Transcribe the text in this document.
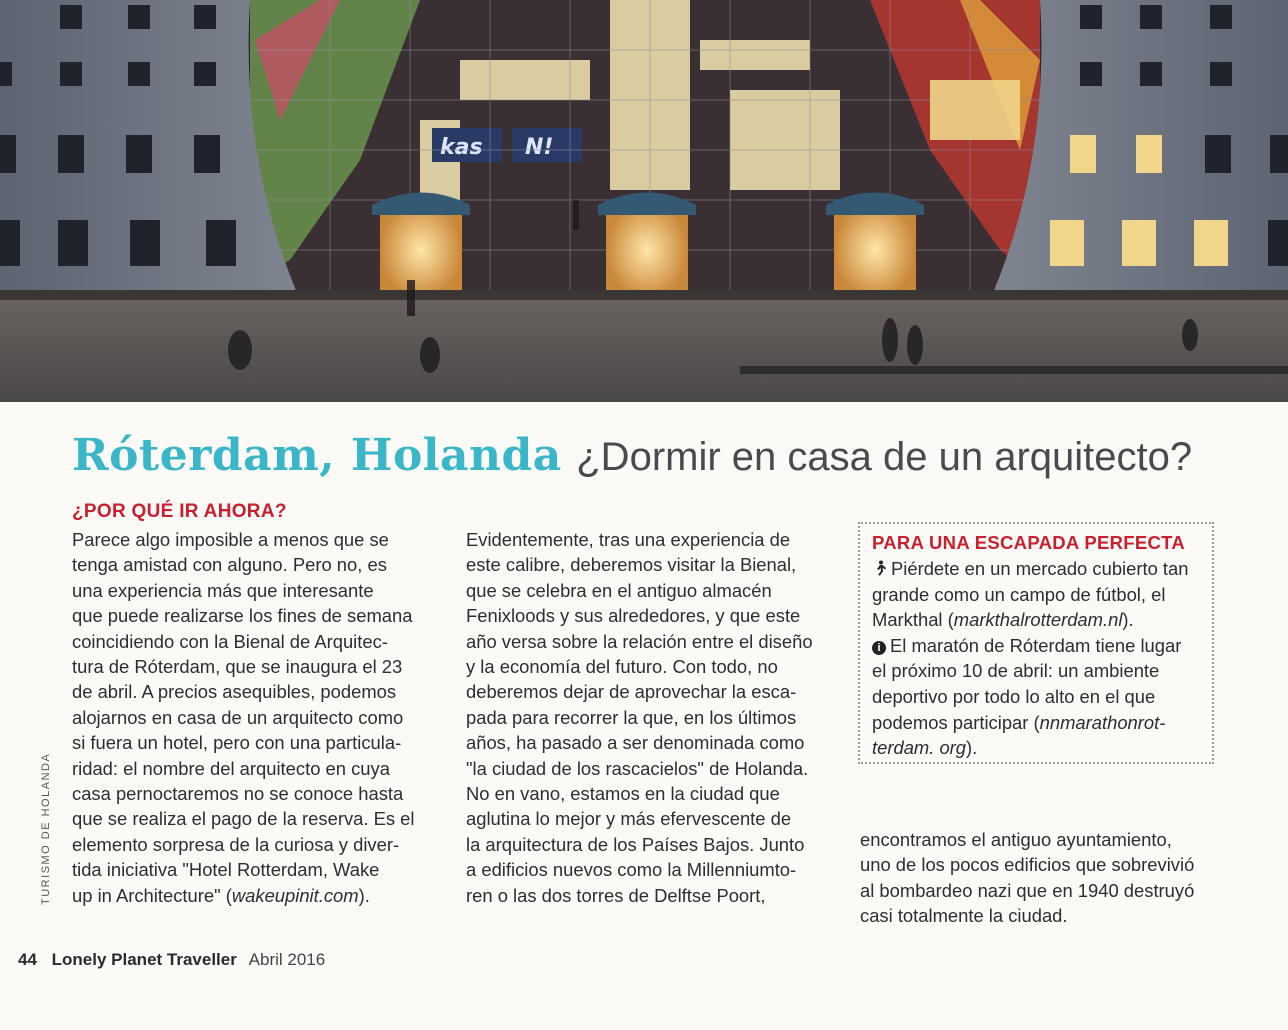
kas N!
Róterdam, Holanda ¿Dormir en casa de un arquitecto?
¿POR QUÉ IR AHORA?
Parece algo imposible a menos que se
tenga amistad con alguno. Pero no, es
una experiencia más que interesante
que puede realizarse los fines de semana
coincidiendo con la Bienal de Arquitec-
tura de Róterdam, que se inaugura el 23
de abril. A precios asequibles, podemos
alojarnos en casa de un arquitecto como
si fuera un hotel, pero con una particula-
ridad: el nombre del arquitecto en cuya
casa pernoctaremos no se conoce hasta
que se realiza el pago de la reserva. Es el
elemento sorpresa de la curiosa y diver-
tida iniciativa "Hotel Rotterdam, Wake
up in Architecture" (wakeupinit.com).
TURISMO DE HOLANDA
Evidentemente, tras una experiencia de
este calibre, deberemos visitar la Bienal,
que se celebra en el antiguo almacén
Fenixloods y sus alrededores, y que este
año versa sobre la relación entre el diseño
y la economía del futuro. Con todo, no
deberemos dejar de aprovechar la esca-
pada para recorrer la que, en los últimos
años, ha pasado a ser denominada como
"la ciudad de los rascacielos" de Holanda.
No en vano, estamos en la ciudad que
aglutina lo mejor y más efervescente de
la arquitectura de los Países Bajos. Junto
a edificios nuevos como la Millenniumto-
ren o las dos torres de Delftse Poort,
PARA UNA ESCAPADA PERFECTA
Piérdete en un mercado cubierto tan
grande como un campo de fútbol, el
Markthal (markthalrotterdam.nl).
i El maratón de Róterdam tiene lugar
el próximo 10 de abril: un ambiente
deportivo por todo lo alto en el que
podemos participar (nnmarathonrot-
terdam. org).
encontramos el antiguo ayuntamiento,
uno de los pocos edificios que sobrevivió
al bombardeo nazi que en 1940 destruyó
casi totalmente la ciudad.
44 Lonely Planet Traveller Abril 2016
